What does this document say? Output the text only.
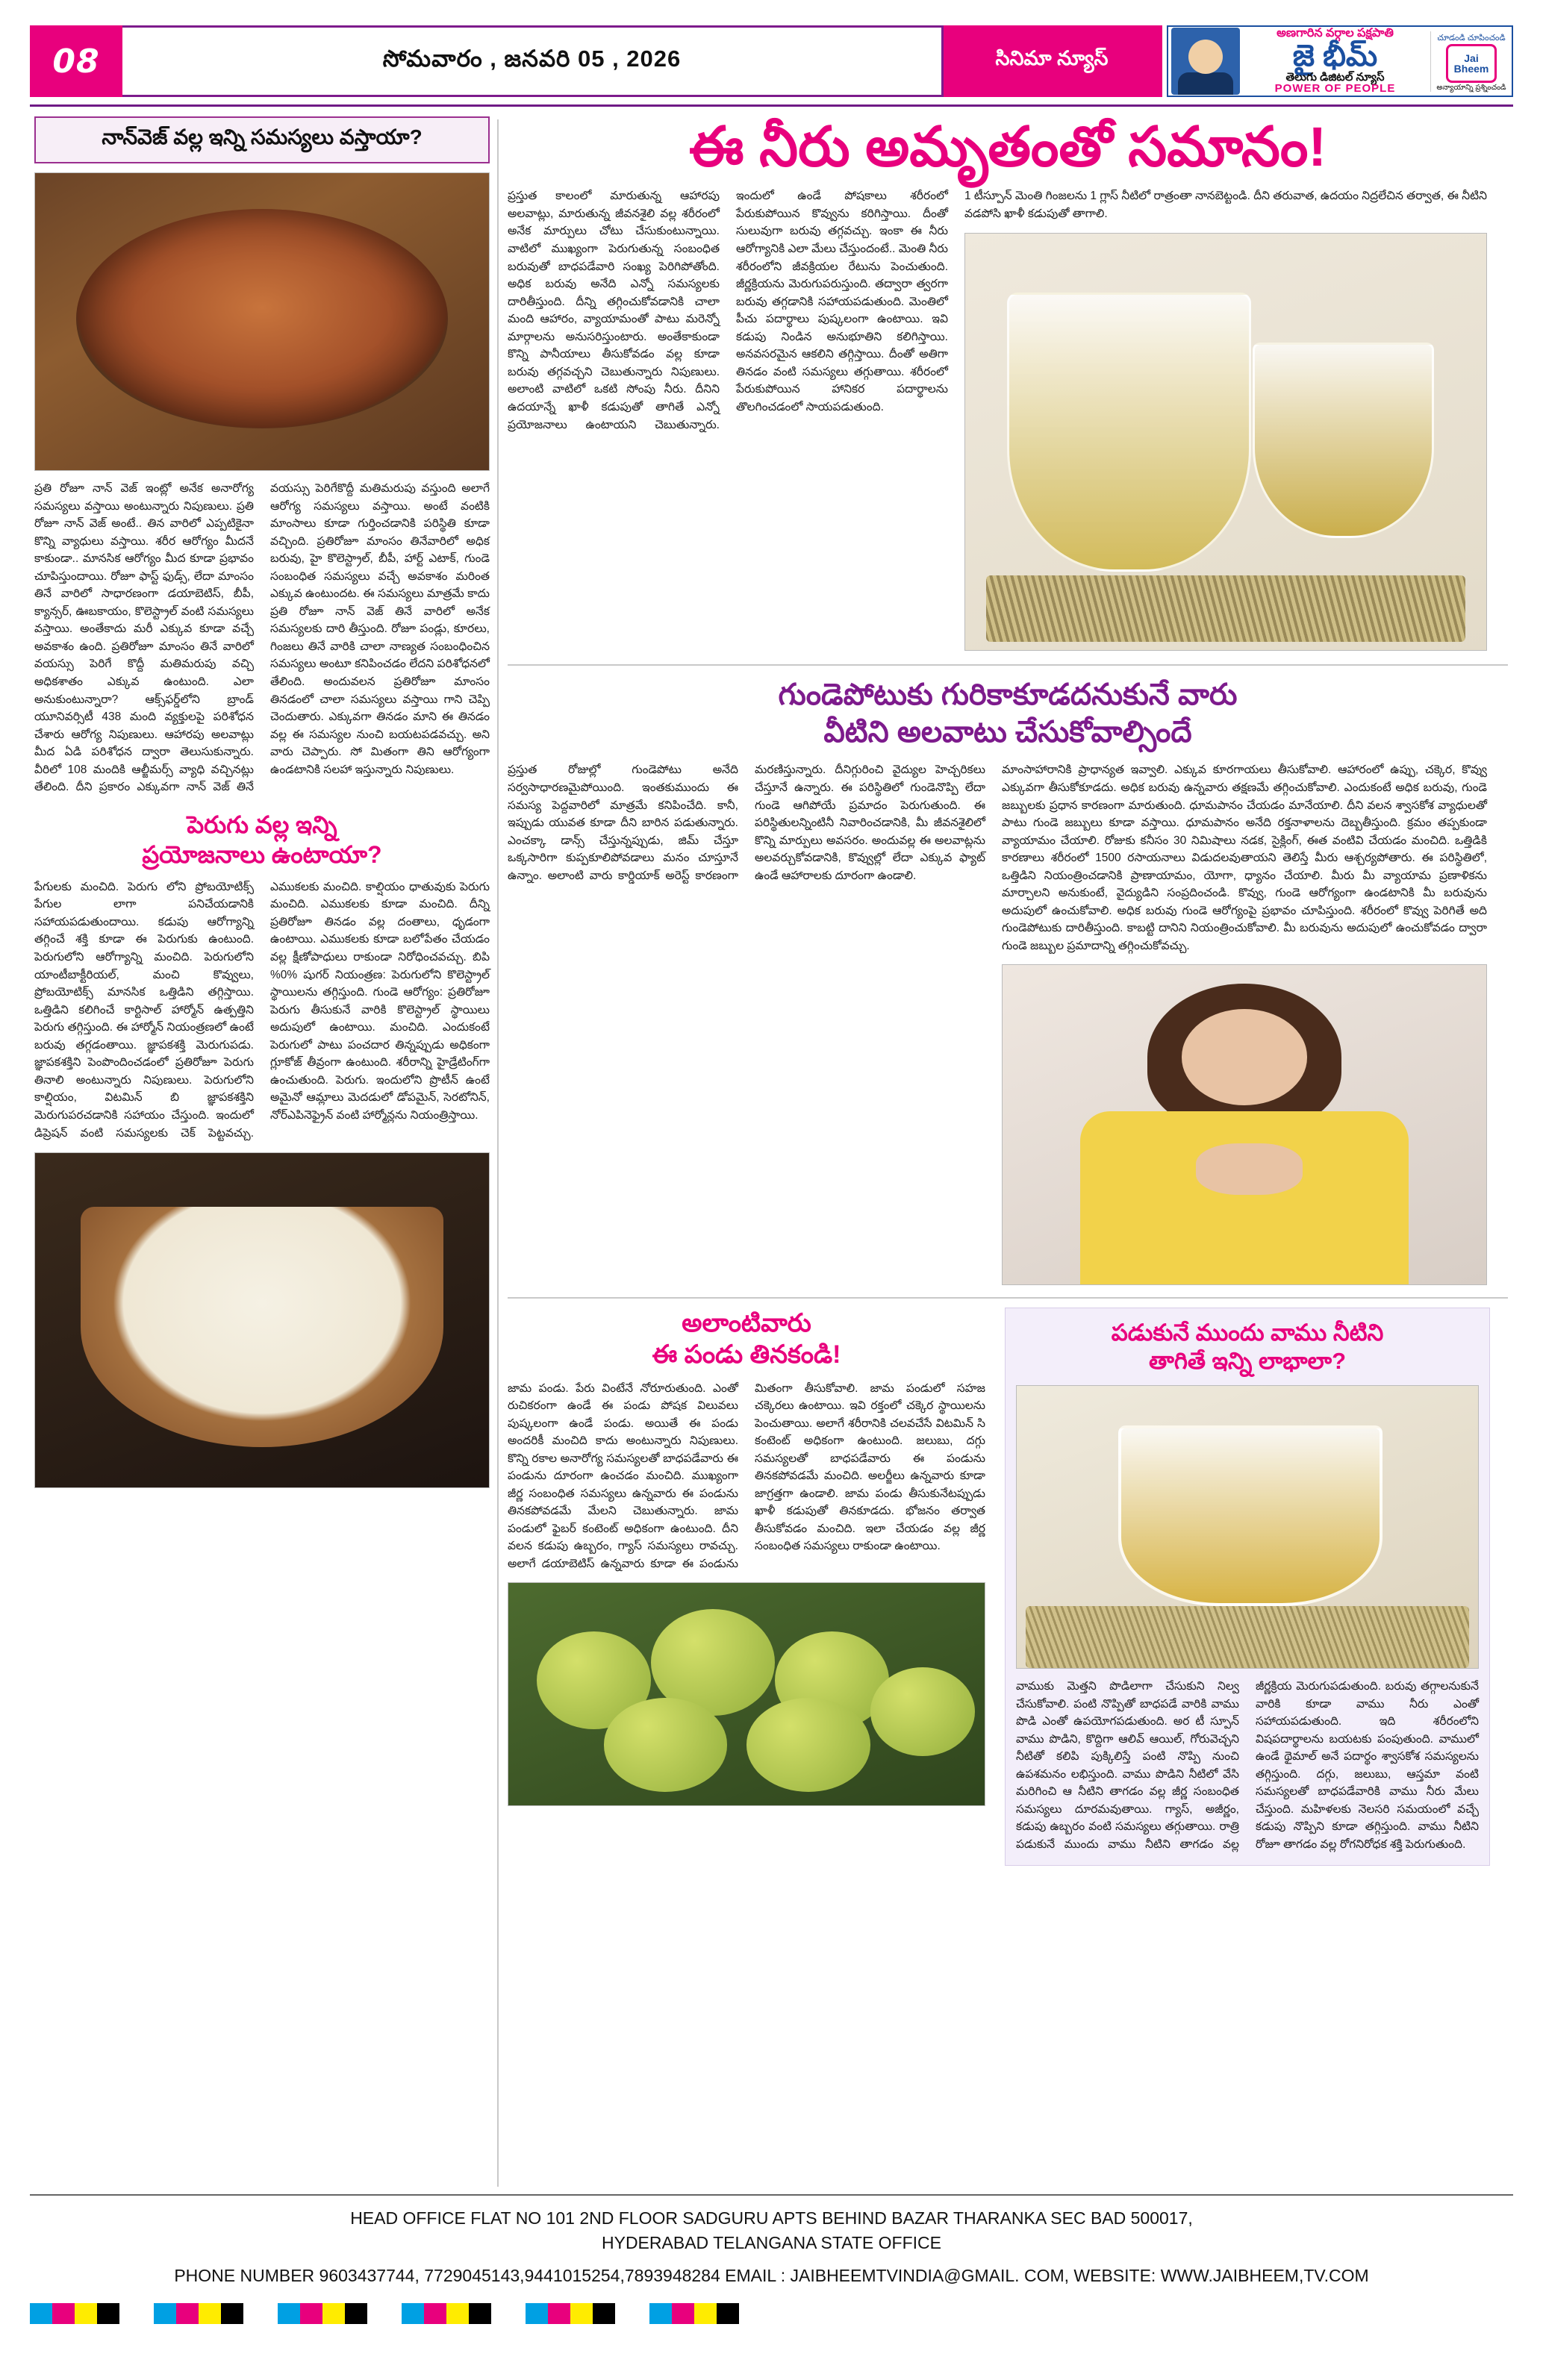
08	సోమవారం , జనవరి 05 , 2026	సినిమా న్యూస్
అణగారిన వర్గాల పక్షపాతి
జై భీమ్
తెలుగు డిజిటల్ న్యూస్
POWER OF PEOPLE
చూడండి చూపించండి
Jai Bheem
అన్యాయాన్ని ప్రశ్నించండి
నాన్‌వెజ్ వల్ల ఇన్ని సమస్యలు వస్తాయా?
ప్రతి రోజూ నాన్ వెజ్ ఇంట్లో అనేక అనారోగ్య సమస్యలు వస్తాయి అంటున్నారు నిపుణులు. ప్రతి రోజూ నాన్ వెజ్ అంటే.. తిన వారిలో ఎప్పటికైనా కొన్ని వ్యాధులు వస్తాయి. శరీర ఆరోగ్యం మీదనే కాకుండా.. మానసిక ఆరోగ్యం మీద కూడా ప్రభావం చూపిస్తుందాయి. రోజూ ఫాస్ట్ ఫుడ్స్, లేదా మాంసం తినే వారిలో సాధారణంగా డయాబెటిస్, బీపీ, క్యాన్సర్, ఊబకాయం, కొలెస్ట్రాల్ వంటి సమస్యలు వస్తాయి. అంతేకాదు మరీ ఎక్కువ కూడా వచ్చే అవకాశం ఉంది. ప్రతిరోజూ మాంసం తినే వారిలో వయస్సు పెరిగే కొద్దీ మతిమరుపు వచ్చి అధికశాతం ఎక్కువ ఉంటుంది. ఎలా అనుకుంటున్నారా? ఆక్స్‌ఫర్డ్‌లోని బ్రాండ్ యూనివర్సిటీ 438 మంది వ్యక్తులపై పరిశోధన చేశారు ఆరోగ్య నిపుణులు. ఆహారపు అలవాట్లు మీద ఏడి పరిశోధన ద్వారా తెలుసుకున్నారు. వీరిలో 108 మందికి ఆల్జీమర్స్ వ్యాధి వచ్చినట్లు తేలింది. దీని ప్రకారం ఎక్కువగా నాన్ వెజ్ తినే వయస్సు పెరిగేకొద్దీ మతిమరుపు వస్తుంది అలాగే ఆరోగ్య సమస్యలు వస్తాయి. అంటే వంటికి మాంసాలు కూడా గుర్తించడానికి పరిస్థితి కూడా వచ్చింది. ప్రతిరోజూ మాంసం తినేవారిలో అధిక బరువు, హై కొలెస్ట్రాల్, బీపీ, హార్ట్ ఎటాక్, గుండె సంబంధిత సమస్యలు వచ్చే అవకాశం మరింత ఎక్కువ ఉంటుందట. ఈ సమస్యలు మాత్రమే కాదు ప్రతి రోజూ నాన్ వెజ్ తినే వారిలో అనేక సమస్యలకు దారి తీస్తుంది. రోజూ పండ్లు, కూరలు, గింజలు తినే వారికి చాలా నాణ్యత సంబంధించిన సమస్యలు అంటూ కనిపించడం లేదని పరిశోధనలో తేలింది. అందువలన ప్రతిరోజూ మాంసం తినడంలో చాలా సమస్యలు వస్తాయి గాని చెప్పి చెందుతారు. ఎక్కువగా తినడం మాని ఈ తినడం వల్ల ఈ సమస్యల నుంచి బయటపడవచ్చు. అని వారు చెప్పారు. సో మితంగా తిని ఆరోగ్యంగా ఉండటానికి సలహా ఇస్తున్నారు నిపుణులు.
పెరుగు వల్ల ఇన్ని
ప్రయోజనాలు ఉంటాయా?
పేగులకు మంచిది. పెరుగు లోని ప్రోబయోటిక్స్ పేగుల లాగా పనిచేయడానికి సహాయపడుతుందాయి. కడుపు ఆరోగ్యాన్ని తగ్గించే శక్తి కూడా ఈ పెరుగుకు ఉంటుంది. పెరుగులోని ఆరోగ్యాన్ని మంచిది. పెరుగులోని యాంటీబాక్టీరియల్, మంచి కొవ్వులు, ప్రోబయోటిక్స్ మానసిక ఒత్తిడిని తగ్గిస్తాయి. ఒత్తిడిని కలిగించే కార్టిసాల్ హార్మోన్ ఉత్పత్తిని పెరుగు తగ్గిస్తుంది. ఈ హార్మోన్ నియంత్రణలో ఉంటే బరువు తగ్గడంతాయి. జ్ఞాపకశక్తి మెరుగుపడు. జ్ఞాపకశక్తిని పెంపొందించడంలో ప్రతిరోజూ పెరుగు తినాలి అంటున్నారు నిపుణులు. పెరుగులోని కాల్షియం, విటమిన్ బి జ్ఞాపకశక్తిని మెరుగుపరచడానికి సహాయం చేస్తుంది. ఇందులో డిప్రెషన్ వంటి సమస్యలకు చెక్ పెట్టవచ్చు. ఎముకలకు మంచిది. కాల్షియం ధాతువుకు పెరుగు మంచిది. ఎముకలకు కూడా మంచిది. దీన్ని ప్రతిరోజూ తినడం వల్ల దంతాలు, ధృడంగా ఉంటాయి. ఎముకలకు కూడా బలోపేతం చేయడం వల్ల క్షీణోపాధులు రాకుండా నిరోధించవచ్చు. బిపి %0% షుగర్ నియంత్రణ: పెరుగులోని కొలెస్ట్రాల్ స్థాయిలను తగ్గిస్తుంది. గుండె ఆరోగ్యం: ప్రతిరోజూ పెరుగు తీసుకునే వారికి కొలెస్ట్రాల్ స్థాయిలు అదుపులో ఉంటాయి. మంచిది. ఎందుకంటే పెరుగులో పాటు పంచదార తిన్నప్పుడు అధికంగా గ్లూకోజ్ తీవ్రంగా ఉంటుంది. శరీరాన్ని హైడ్రేటింగ్‌గా ఉంచుతుంది. పెరుగు. ఇందులోని ప్రొటీన్ ఉంటే అమైనో ఆమ్లాలు మెదడులో డోపమైన్, సెరటోనిన్, నోర్‌ఎపినెఫ్రైన్ వంటి హార్మోన్లను నియంత్రిస్తాయి.
ఈ నీరు అమృతంతో సమానం!
ప్రస్తుత కాలంలో మారుతున్న ఆహారపు అలవాట్లు, మారుతున్న జీవనశైలి వల్ల శరీరంలో అనేక మార్పులు చోటు చేసుకుంటున్నాయి. వాటిలో ముఖ్యంగా పెరుగుతున్న సంబంధిత బరువుతో బాధపడేవారి సంఖ్య పెరిగిపోతోంది. అధిక బరువు అనేది ఎన్నో సమస్యలకు దారితీస్తుంది. దీన్ని తగ్గించుకోవడానికి చాలా మంది ఆహారం, వ్యాయామంతో పాటు మరెన్నో మార్గాలను అనుసరిస్తుంటారు. అంతేకాకుండా కొన్ని పానీయాలు తీసుకోవడం వల్ల కూడా బరువు తగ్గవచ్చని చెబుతున్నారు నిపుణులు. అలాంటి వాటిలో ఒకటి సోంపు నీరు. దీనిని ఉదయాన్నే ఖాళీ కడుపుతో తాగితే ఎన్నో ప్రయోజనాలు ఉంటాయని చెబుతున్నారు. ఇందులో ఉండే పోషకాలు శరీరంలో పేరుకుపోయిన కొవ్వును కరిగిస్తాయి. దీంతో సులువుగా బరువు తగ్గవచ్చు. ఇంకా ఈ నీరు ఆరోగ్యానికి ఎలా మేలు చేస్తుందంటే.. మెంతి నీరు శరీరంలోని జీవక్రియల రేటును పెంచుతుంది. జీర్ణక్రియను మెరుగుపరుస్తుంది. తద్వారా త్వరగా బరువు తగ్గడానికి సహాయపడుతుంది. మెంతిలో పీచు పదార్థాలు పుష్కలంగా ఉంటాయి. ఇవి కడుపు నిండిన అనుభూతిని కలిగిస్తాయి. అనవసరమైన ఆకలిని తగ్గిస్తాయి. దీంతో అతిగా తినడం వంటి సమస్యలు తగ్గుతాయి. శరీరంలో పేరుకుపోయిన హానికర పదార్థాలను తొలగించడంలో సాయపడుతుంది.
1 టీస్పూన్ మెంతి గింజలను 1 గ్లాస్ నీటిలో రాత్రంతా నానబెట్టండి. దీని తరువాత, ఉదయం నిద్రలేచిన తర్వాత, ఈ నీటిని వడపోసి ఖాళీ కడుపుతో తాగాలి.
గుండెపోటుకు గురికాకూడదనుకునే వారు
వీటిని అలవాటు చేసుకోవాల్సిందే
ప్రస్తుత రోజుల్లో గుండెపోటు అనేది సర్వసాధారణమైపోయింది. ఇంతకుముందు ఈ సమస్య పెద్దవారిలో మాత్రమే కనిపించేది. కానీ, ఇప్పుడు యువత కూడా దీని బారిన పడుతున్నారు. ఎంచక్కా డాన్స్ చేస్తున్నప్పుడు, జిమ్ చేస్తూ ఒక్కసారిగా కుప్పకూలిపోవడాలు మనం చూస్తూనే ఉన్నాం. అలాంటి వారు కార్డియాక్ అరెస్ట్ కారణంగా మరణిస్తున్నారు. దీనిగ్గురించి వైద్యుల హెచ్చరికలు చేస్తూనే ఉన్నారు. ఈ పరిస్థితిలో గుండెనొప్పి లేదా గుండె ఆగిపోయే ప్రమాదం పెరుగుతుంది. ఈ పరిస్థితులన్నింటినీ నివారించడానికి, మీ జీవనశైలిలో కొన్ని మార్పులు అవసరం. అందువల్ల ఈ అలవాట్లను అలవర్చుకోవడానికి, కొవ్వుల్లో లేదా ఎక్కువ ఫ్యాట్ ఉండే ఆహారాలకు దూరంగా ఉండాలి.
మాంసాహారానికి ప్రాధాన్యత ఇవ్వాలి. ఎక్కువ కూరగాయలు తీసుకోవాలి. ఆహారంలో ఉప్పు, చక్కెర, కొవ్వు ఎక్కువగా తీసుకోకూడదు. అధిక బరువు ఉన్నవారు తక్షణమే తగ్గించుకోవాలి. ఎందుకంటే అధిక బరువు, గుండె జబ్బులకు ప్రధాన కారణంగా మారుతుంది. ధూమపానం చేయడం మానేయాలి. దీని వలన శ్వాసకోశ వ్యాధులతో పాటు గుండె జబ్బులు కూడా వస్తాయి. ధూమపానం అనేది రక్తనాళాలను దెబ్బతీస్తుంది. క్రమం తప్పకుండా వ్యాయామం చేయాలి. రోజుకు కనీసం 30 నిమిషాలు నడక, సైక్లింగ్, ఈత వంటివి చేయడం మంచిది. ఒత్తిడికి కారణాలు శరీరంలో 1500 రసాయనాలు విడుదలవుతాయని తెలిస్తే మీరు ఆశ్చర్యపోతారు. ఈ పరిస్థితిలో, ఒత్తిడిని నియంత్రించడానికి ప్రాణాయామం, యోగా, ధ్యానం చేయాలి. మీరు మీ వ్యాయామ ప్రణాళికను మార్చాలని అనుకుంటే, వైద్యుడిని సంప్రదించండి. కొవ్వు, గుండె ఆరోగ్యంగా ఉండటానికి మీ బరువును అదుపులో ఉంచుకోవాలి. అధిక బరువు గుండె ఆరోగ్యంపై ప్రభావం చూపిస్తుంది. శరీరంలో కొవ్వు పెరిగితే అది గుండెపోటుకు దారితీస్తుంది. కాబట్టి దానిని నియంత్రించుకోవాలి. మీ బరువును అదుపులో ఉంచుకోవడం ద్వారా గుండె జబ్బుల ప్రమాదాన్ని తగ్గించుకోవచ్చు.
అలాంటివారు
ఈ పండు తినకండి!
జామ పండు. పేరు వింటేనే నోరూరుతుంది. ఎంతో రుచికరంగా ఉండే ఈ పండు పోషక విలువలు పుష్కలంగా ఉండే పండు. అయితే ఈ పండు అందరికీ మంచిది కాదు అంటున్నారు నిపుణులు. కొన్ని రకాల అనారోగ్య సమస్యలతో బాధపడేవారు ఈ పండును దూరంగా ఉంచడం మంచిది. ముఖ్యంగా జీర్ణ సంబంధిత సమస్యలు ఉన్నవారు ఈ పండును తినకపోవడమే మేలని చెబుతున్నారు. జామ పండులో ఫైబర్ కంటెంట్ అధికంగా ఉంటుంది. దీని వలన కడుపు ఉబ్బరం, గ్యాస్ సమస్యలు రావచ్చు. అలాగే డయాబెటిస్ ఉన్నవారు కూడా ఈ పండును మితంగా తీసుకోవాలి. జామ పండులో సహజ చక్కెరలు ఉంటాయి. ఇవి రక్తంలో చక్కెర స్థాయిలను పెంచుతాయి. అలాగే శరీరానికి చలవచేసే విటమిన్ సి కంటెంట్ అధికంగా ఉంటుంది. జలుబు, దగ్గు సమస్యలతో బాధపడేవారు ఈ పండును తినకపోవడమే మంచిది. అలర్జీలు ఉన్నవారు కూడా జాగ్రత్తగా ఉండాలి. జామ పండు తీసుకునేటప్పుడు ఖాళీ కడుపుతో తినకూడదు. భోజనం తర్వాత తీసుకోవడం మంచిది. ఇలా చేయడం వల్ల జీర్ణ సంబంధిత సమస్యలు రాకుండా ఉంటాయి.
పడుకునే ముందు వాము నీటిని
తాగితే ఇన్ని లాభాలా?
వాముకు మెత్తని పొడిలాగా చేసుకుని నిల్వ చేసుకోవాలి. పంటి నొప్పితో బాధపడే వారికి వాము పొడి ఎంతో ఉపయోగపడుతుంది. అర టీ స్పూన్ వాము పొడిని, కొద్దిగా ఆలివ్ ఆయిల్, గోరువెచ్చని నీటితో కలిపి పుక్కిలిస్తే పంటి నొప్పి నుంచి ఉపశమనం లభిస్తుంది. వాము పొడిని నీటిలో వేసి మరిగించి ఆ నీటిని తాగడం వల్ల జీర్ణ సంబంధిత సమస్యలు దూరమవుతాయి. గ్యాస్, అజీర్ణం, కడుపు ఉబ్బరం వంటి సమస్యలు తగ్గుతాయి. రాత్రి పడుకునే ముందు వాము నీటిని తాగడం వల్ల జీర్ణక్రియ మెరుగుపడుతుంది. బరువు తగ్గాలనుకునే వారికి కూడా వాము నీరు ఎంతో సహాయపడుతుంది. ఇది శరీరంలోని విషపదార్థాలను బయటకు పంపుతుంది. వాములో ఉండే థైమాల్ అనే పదార్థం శ్వాసకోశ సమస్యలను తగ్గిస్తుంది. దగ్గు, జలుబు, ఆస్తమా వంటి సమస్యలతో బాధపడేవారికి వాము నీరు మేలు చేస్తుంది. మహిళలకు నెలసరి సమయంలో వచ్చే కడుపు నొప్పిని కూడా తగ్గిస్తుంది. వాము నీటిని రోజూ తాగడం వల్ల రోగనిరోధక శక్తి పెరుగుతుంది.
HEAD OFFICE FLAT NO 101 2ND FLOOR SADGURU APTS BEHIND BAZAR THARANKA SEC BAD 500017,
HYDERABAD TELANGANA STATE OFFICE
PHONE NUMBER 9603437744, 7729045143,9441015254,7893948284 EMAIL : JAIBHEEMTVINDIA@GMAIL. COM, WEBSITE: WWW.JAIBHEEM,TV.COM
